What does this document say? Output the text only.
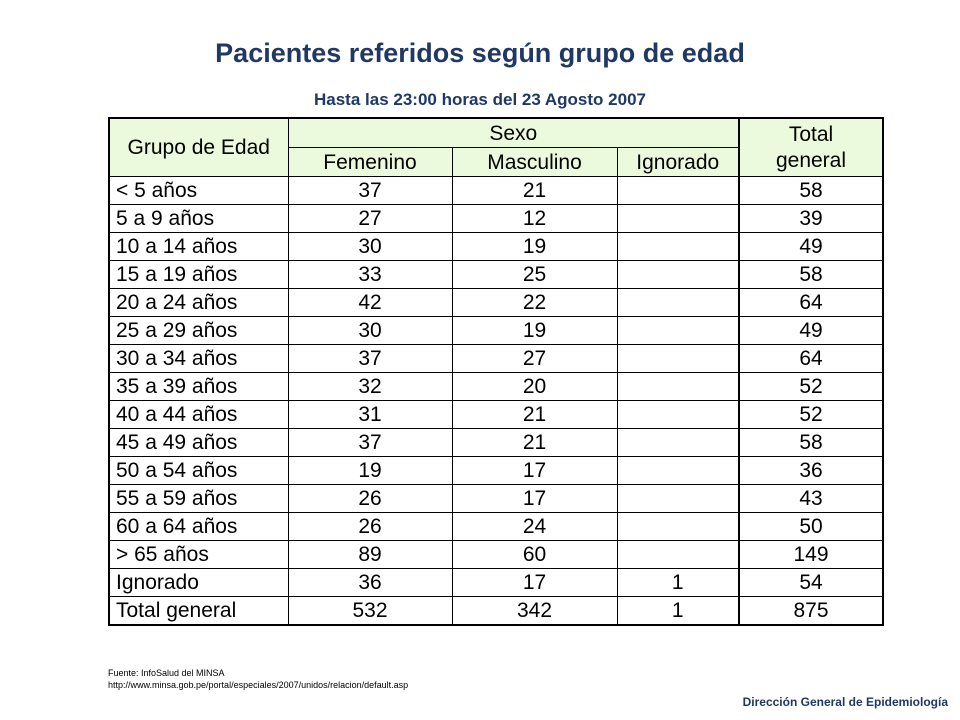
Pacientes referidos según grupo de edad
Hasta las 23:00 horas del 23 Agosto 2007
Grupo de Edad	Sexo			Total
general
	Femenino	Masculino	Ignorado	
< 5 años	37	21		58
5 a 9 años	27	12		39
10 a 14 años	30	19		49
15 a 19 años	33	25		58
20 a 24 años	42	22		64
25 a 29 años	30	19		49
30 a 34 años	37	27		64
35 a 39 años	32	20		52
40 a 44 años	31	21		52
45 a 49 años	37	21		58
50 a 54 años	19	17		36
55 a 59 años	26	17		43
60 a 64 años	26	24		50
> 65 años	89	60		149
Ignorado	36	17	1	54
Total general	532	342	1	875
Fuente: InfoSalud del MINSA
http://www.minsa.gob.pe/portal/especiales/2007/unidos/relacion/default.asp
Dirección General de Epidemiología
